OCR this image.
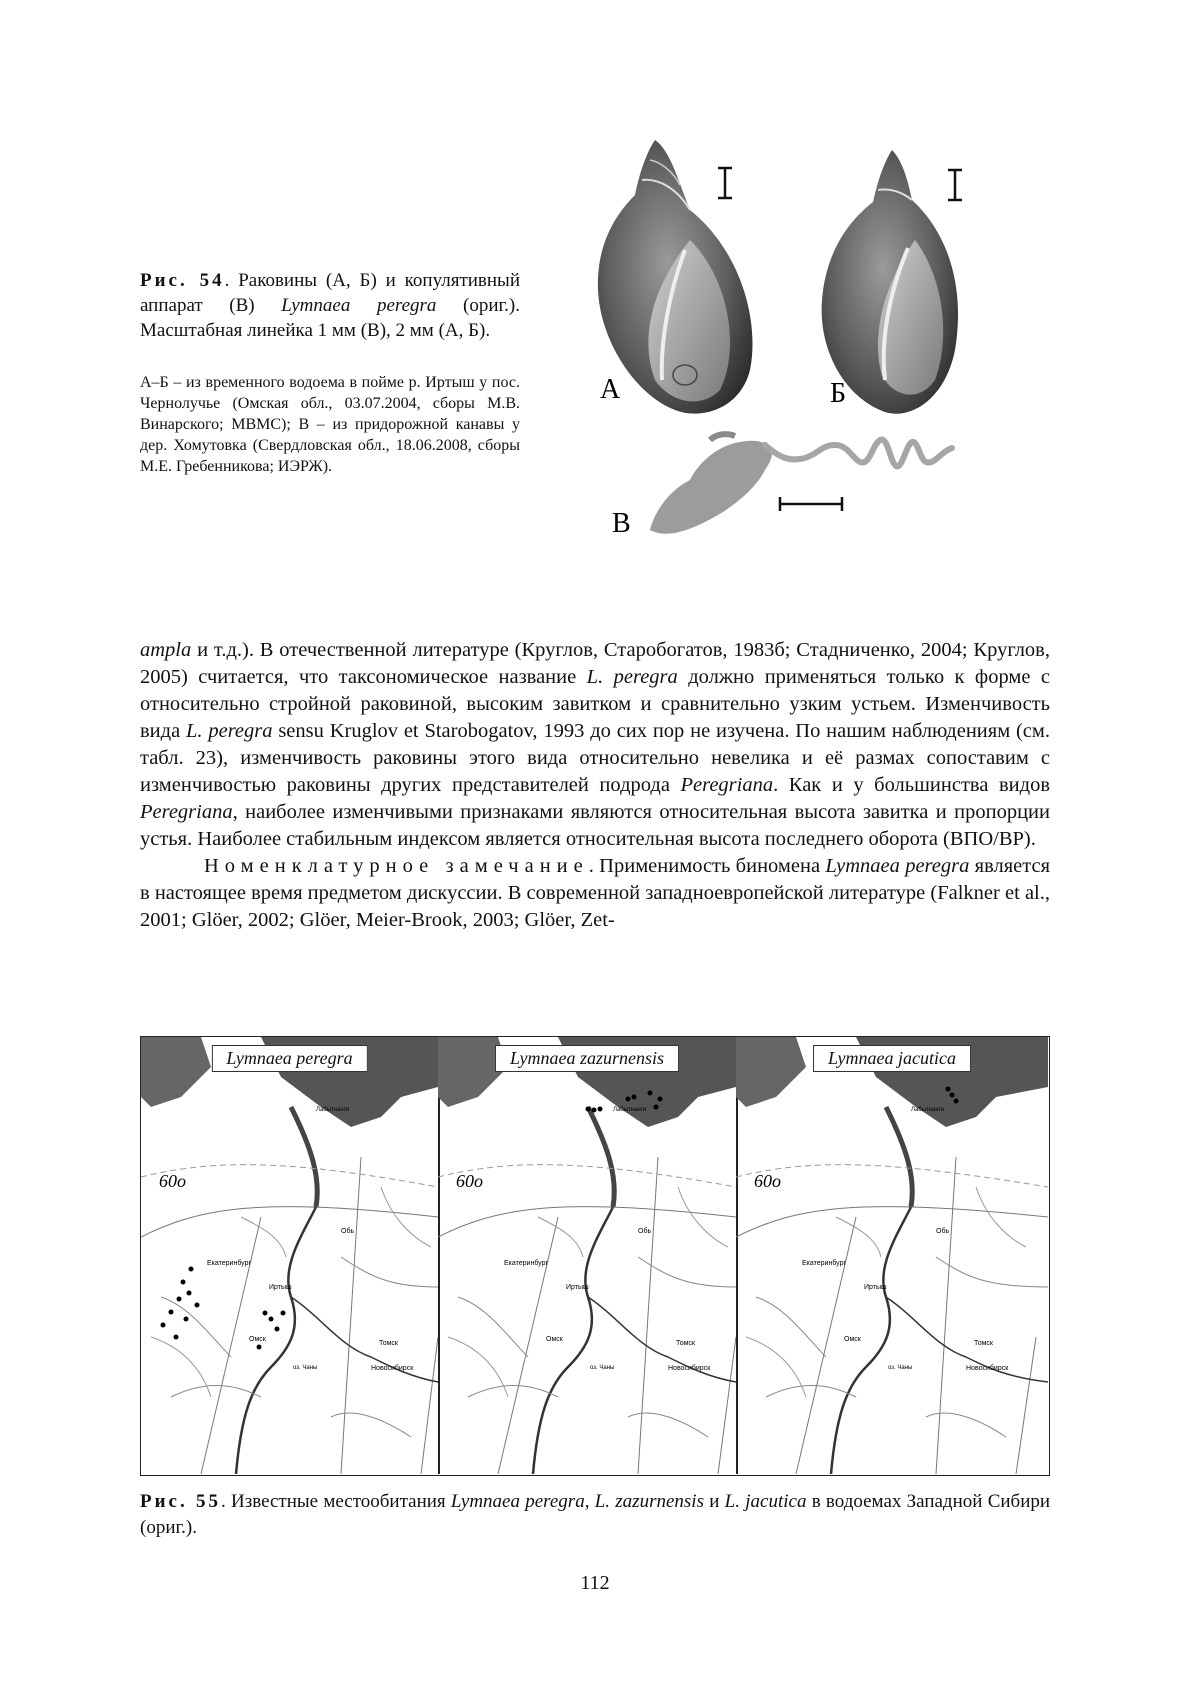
Рис. 54. Раковины (А, Б) и копулятивный аппарат (В) Lymnaea peregra (ориг.). Масштабная линейка 1 мм (В), 2 мм (А, Б).
А–Б – из временного водоема в пойме р. Иртыш у пос. Чернолучье (Омская обл., 03.07.2004, сборы М.В. Винарского; МВМС); В – из придорожной канавы у дер. Хомутовка (Свердловская обл., 18.06.2008, сборы М.Е. Гребенникова; ИЭРЖ).
А	Б
В

ampla и т.д.). В отечественной литературе (Круглов, Старобогатов, 1983б; Стадниченко, 2004; Круглов, 2005) считается, что таксономическое название L. peregra должно применяться только к форме с относительно стройной раковиной, высоким завитком и сравнительно узким устьем. Изменчивость вида L. peregra sensu Kruglov et Starobogatov, 1993 до сих пор не изучена. По нашим наблюдениям (см. табл. 23), изменчивость раковины этого вида относительно невелика и её размах сопоставим с изменчивостью раковины других представителей подрода Peregriana. Как и у большинства видов Peregriana, наиболее изменчивыми признаками являются относительная высота завитка и пропорции устья. Наиболее стабильным индексом является относительная высота последнего оборота (ВПО/ВР).

Номенклатурное замечание. Применимость биномена Lymnaea peregra является в настоящее время предметом дискуссии. В современной западноевропейской литературе (Falkner et al., 2001; Glöer, 2002; Glöer, Meier-Brook, 2003; Glöer, Zet-

60о
Екатеринбург
Обь
Иртыш
Омск
Томск
Новосибирск
оз. Чаны
Лабытнанги
Lymnaea peregra
60о
Екатеринбург
Обь
Иртыш
Омск
Томск
Новосибирск
оз. Чаны
Лабытнанги
Lymnaea zazurnensis
60о
Екатеринбург
Обь
Иртыш
Омск
Томск
Новосибирск
оз. Чаны
Лабытнанги
Lymnaea jacutica
Рис. 55. Известные местообитания Lymnaea peregra, L. zazurnensis и L. jacutica в водоемах Западной Сибири (ориг.).
112
